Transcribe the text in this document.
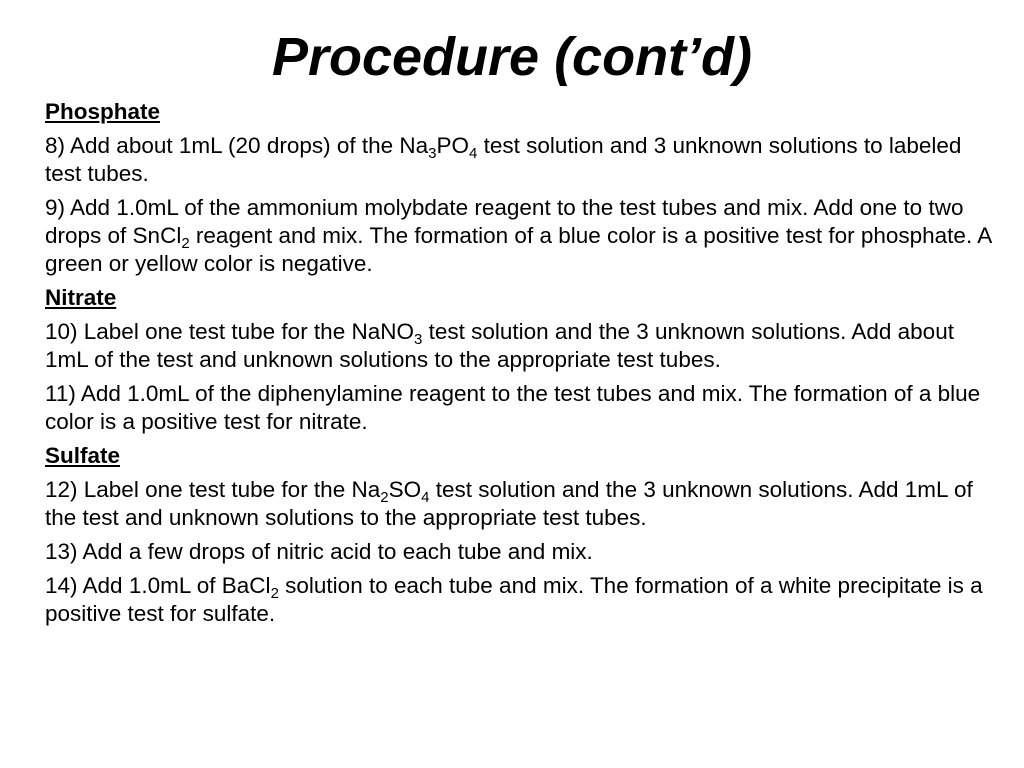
Procedure (cont’d)
Phosphate
8) Add about 1mL (20 drops) of the $Na_3PO_4$ test solution and 3 unknown solutions to labeled test tubes.
9) Add 1.0mL of the ammonium molybdate reagent to the test tubes and mix. Add one to two drops of SnCl$_2$ reagent and mix. The formation of a blue color is a positive test for phosphate. A green or yellow color is negative.
Nitrate
10) Label one test tube for the NaNO$_3$ test solution and the 3 unknown solutions. Add about 1mL of the test and unknown solutions to the appropriate test tubes.
11) Add 1.0mL of the diphenylamine reagent to the test tubes and mix. The formation of a blue color is a positive test for nitrate.
Sulfate
12) Label one test tube for the $Na_2SO_4$ test solution and the 3 unknown solutions. Add 1mL of the test and unknown solutions to the appropriate test tubes.
13) Add a few drops of nitric acid to each tube and mix.
14) Add 1.0mL of BaCl$_2$ solution to each tube and mix. The formation of a white precipitate is a positive test for sulfate.
